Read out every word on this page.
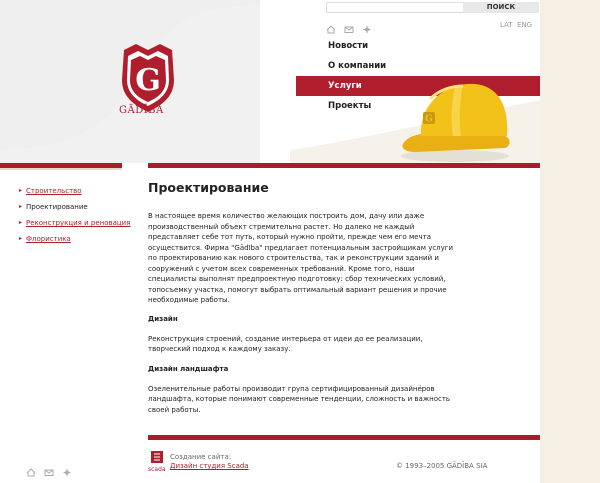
ПОИСК
LAT ENG
G
GĀDĪBA
Новости
О компании
Услуги
Проекты
G
▸ Строительство
▸ Проектирование
▸ Реконструкция и реновация
▸ Флористика
Проектирование

В настоящее время количество желающих построить дом, дачу или даже производственный объект стремительно растет. Но далеко не каждый представляет себе тот путь, который нужно пройти, прежде чем его мечта осуществится. Фирма "Gādība" предлагает потенциальным застройщикам услуги по проектированию как нового строительства, так и реконструкции зданий и сооружений с учетом всех современных требований. Кроме того, наши специалисты выполнят предпроектную подготовку: сбор технических условий, топосъемку участка, помогут выбрать оптимальный вариант решения и прочие необходимые работы.

Дизайн

Реконструкция строений, создание интерьера от идеи до ее реализации, творческий подход к каждому заказу.

Дизайн ландшафта

Озеленительные работы производит група сертифицированный дизайнёров ландшафта, которые понимают современные тенденции, сложность и важность своей работы.

scada
Создание сайта:
Дизайн студия Scada	© 1993–2005 GĀDĪBA SIA
